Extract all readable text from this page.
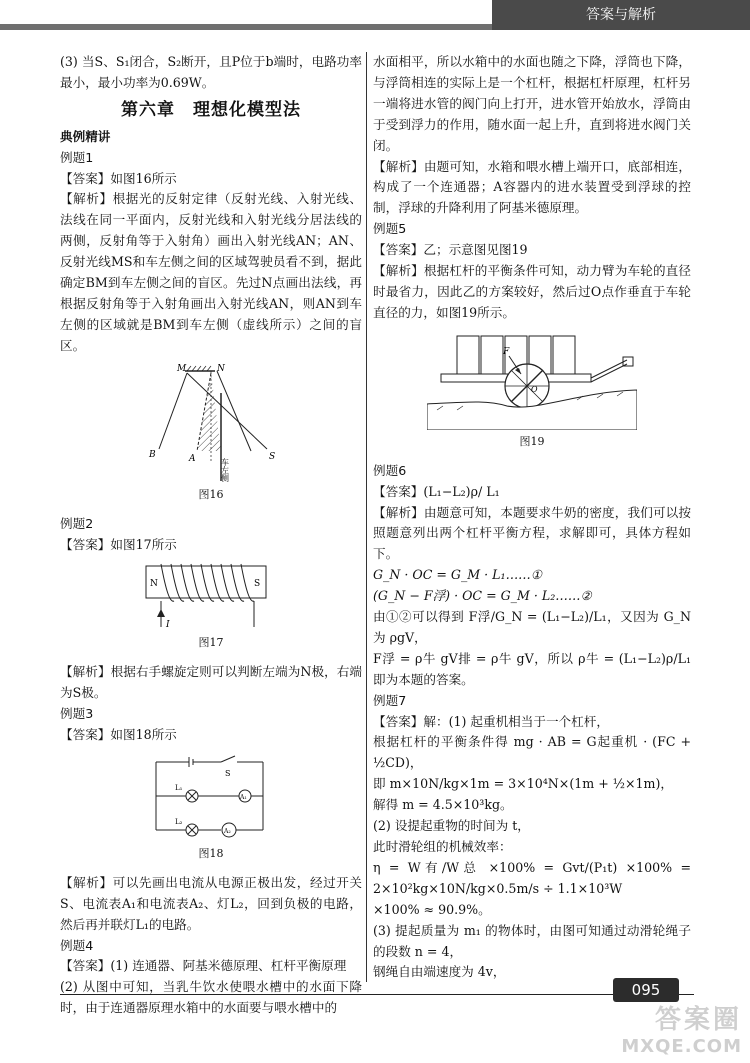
答案与解析

(3) 当S、S₁闭合，S₂断开，且P位于b端时，电路功率最小，最小功率为0.69W。

第六章　理想化模型法
典例精讲

例题1

【答案】如图16所示

【解析】根据光的反射定律（反射光线、入射光线、法线在同一平面内，反射光线和入射光线分居法线的两侧，反射角等于入射角）画出入射光线AN；AN、反射光线MS和车左侧之间的区域驾驶员看不到，据此确定BM到车左侧之间的盲区。先过N点画出法线，再根据反射角等于入射角画出入射光线AN，则AN到车左侧的区域就是BM到车左侧（虚线所示）之间的盲区。

M	N
B	A	S
车左侧

图16

例题2

【答案】如图17所示

N	S
I

图17

【解析】根据右手螺旋定则可以判断左端为N极，右端为S极。

例题3

【答案】如图18所示

S
A₁
L₁
L₂
A₂

图18

【解析】可以先画出电流从电源正极出发，经过开关S、电流表A₁和电流表A₂、灯L₂，回到负极的电路，然后再并联灯L₁的电路。

例题4

【答案】(1) 连通器、阿基米德原理、杠杆平衡原理

(2) 从图中可知，当乳牛饮水使喂水槽中的水面下降时，由于连通器原理水箱中的水面要与喂水槽中的

水面相平，所以水箱中的水面也随之下降，浮筒也下降，与浮筒相连的实际上是一个杠杆，根据杠杆原理，杠杆另一端将进水管的阀门向上打开，进水管开始放水，浮筒由于受到浮力的作用，随水面一起上升，直到将进水阀门关闭。

【解析】由题可知，水箱和喂水槽上端开口，底部相连，构成了一个连通器；A容器内的进水装置受到浮球的控制，浮球的升降利用了阿基米德原理。

例题5

【答案】乙；示意图见图19

【解析】根据杠杆的平衡条件可知，动力臂为车轮的直径时最省力，因此乙的方案较好，然后过O点作垂直于车轮直径的力，如图19所示。

F
O

图19

例题6

【答案】(L₁−L₂)ρ/ L₁

【解析】由题意可知，本题要求牛奶的密度，我们可以按照题意列出两个杠杆平衡方程，求解即可，具体方程如下。

G_N · OC = G_M · L₁……①

(G_N − F浮) · OC = G_M · L₂……②

由①②可以得到 F浮/G_N = (L₁−L₂)/L₁，又因为 G_N 为 ρgV，

F浮 = ρ牛 gV排 = ρ牛 gV，所以 ρ牛 = (L₁−L₂)ρ/L₁ 即为本题的答案。

例题7

【答案】解：(1) 起重机相当于一个杠杆，

根据杠杆的平衡条件得 mg · AB = G起重机 · (FC + ½CD)，

即 m×10N/kg×1m = 3×10⁴N×(1m + ½×1m)，

解得 m = 4.5×10³kg。

(2) 设提起重物的时间为 t，

此时滑轮组的机械效率：

η = W有/W总 ×100% = Gvt/(P₁t) ×100% = 2×10²kg×10N/kg×0.5m/s ÷ 1.1×10³W

×100% ≈ 90.9%。

(3) 提起质量为 m₁ 的物体时，由图可知通过动滑轮绳子的段数 n = 4，

钢绳自由端速度为 4v，

095
答案圈
MXQE.COM
